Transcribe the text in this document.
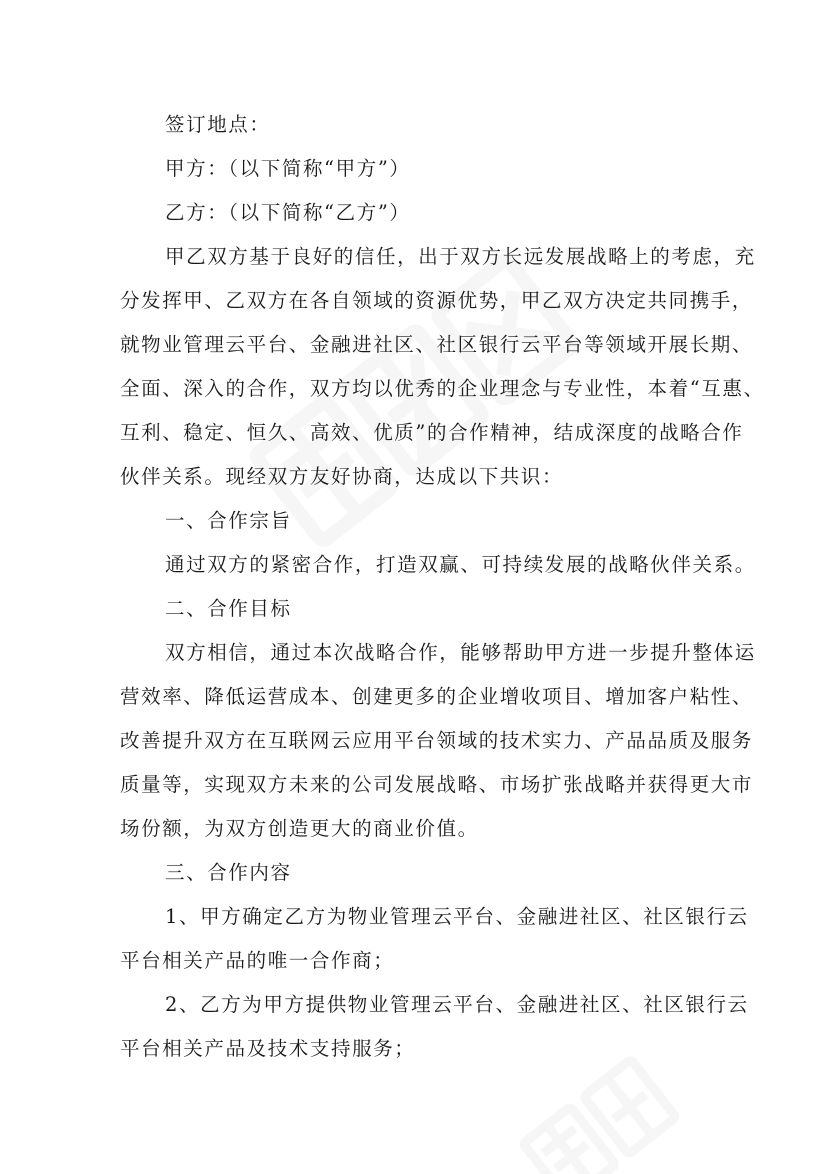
签订地点：

甲方：（以下简称“甲方”）

乙方：（以下简称“乙方”）

甲乙双方基于良好的信任，出于双方长远发展战略上的考虑，充
分发挥甲、乙双方在各自领域的资源优势，甲乙双方决定共同携手，
就物业管理云平台、金融进社区、社区银行云平台等领域开展长期、
全面、深入的合作，双方均以优秀的企业理念与专业性，本着“互惠、
互利、稳定、恒久、高效、优质”的合作精神，结成深度的战略合作
伙伴关系。现经双方友好协商，达成以下共识：

一、合作宗旨

通过双方的紧密合作，打造双赢、可持续发展的战略伙伴关系。

二、合作目标

双方相信，通过本次战略合作，能够帮助甲方进一步提升整体运
营效率、降低运营成本、创建更多的企业增收项目、增加客户粘性、
改善提升双方在互联网云应用平台领域的技术实力、产品品质及服务
质量等，实现双方未来的公司发展战略、市场扩张战略并获得更大市
场份额，为双方创造更大的商业价值。

三、合作内容

1、甲方确定乙方为物业管理云平台、金融进社区、社区银行云
平台相关产品的唯一合作商；
2、乙方为甲方提供物业管理云平台、金融进社区、社区银行云
平台相关产品及技术支持服务；
